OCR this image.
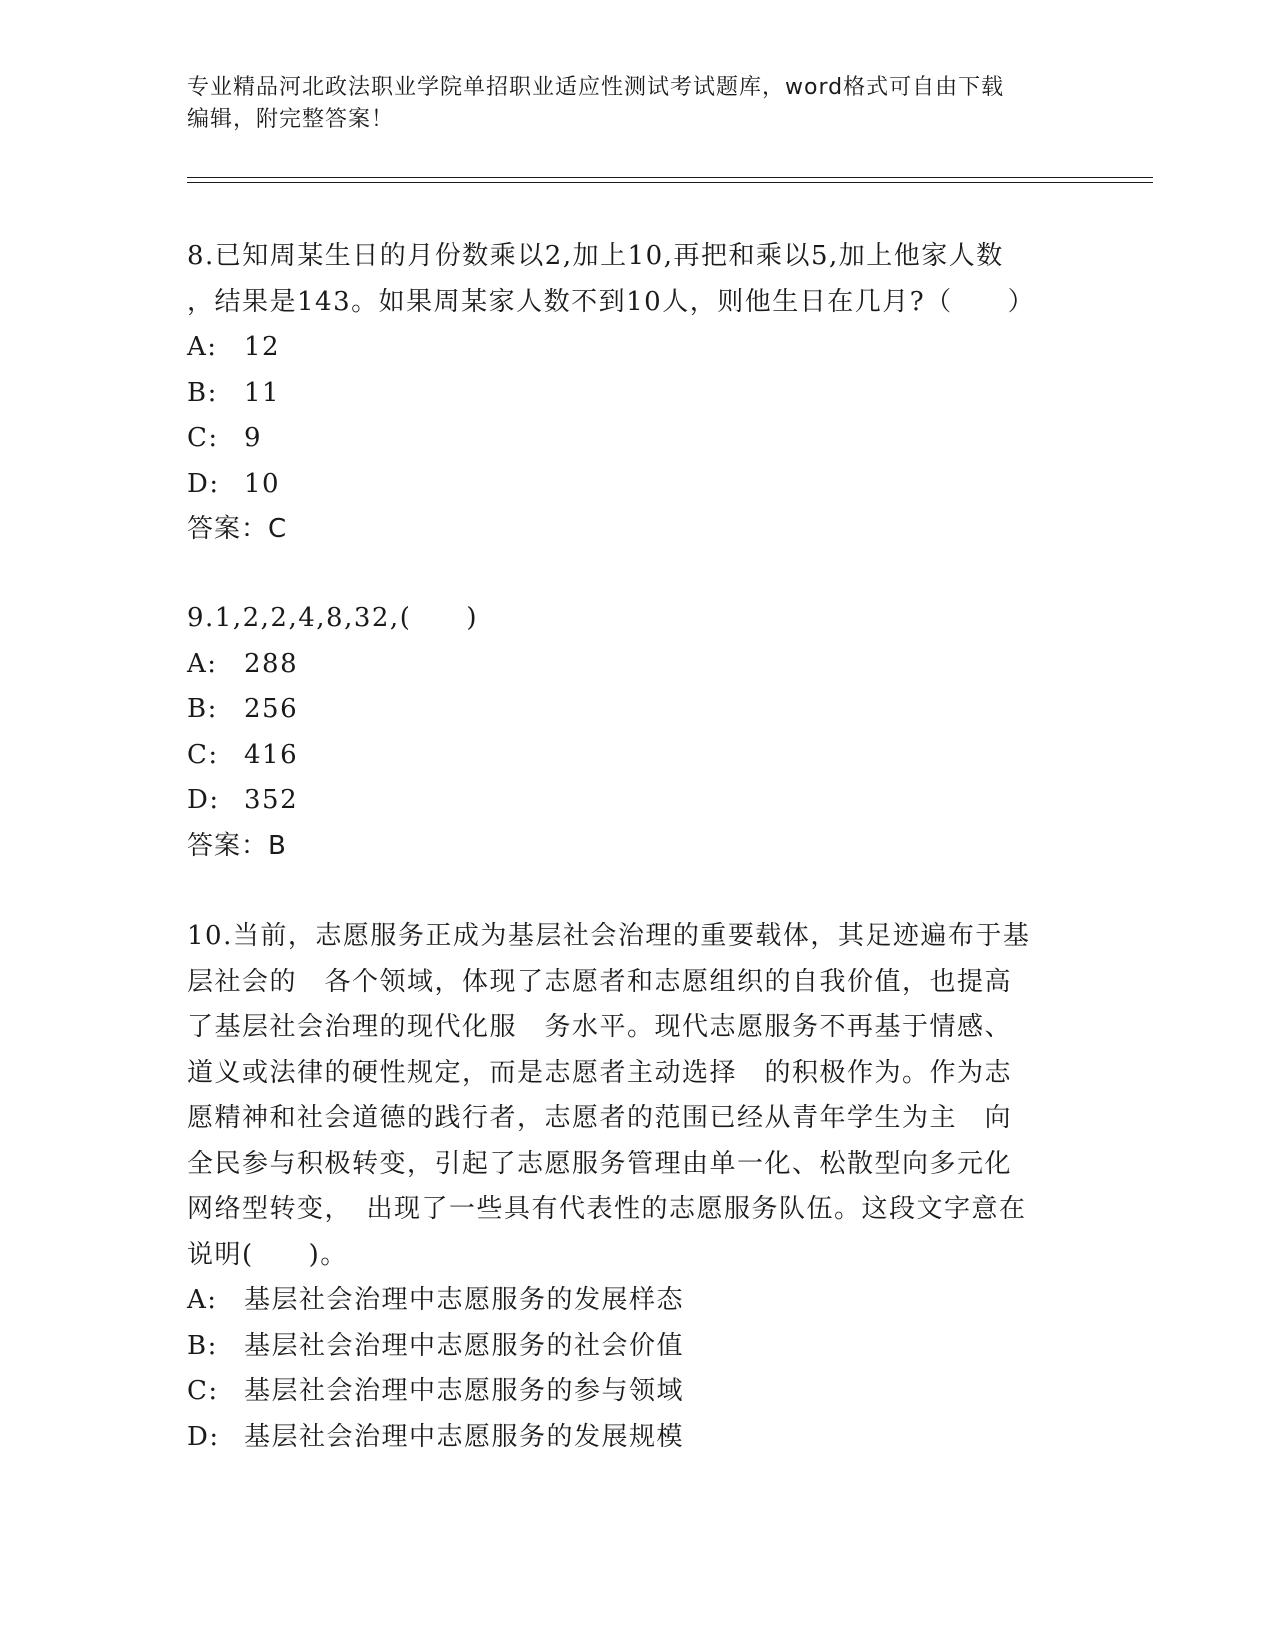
专业精品河北政法职业学院单招职业适应性测试考试题库，word格式可自由下载
编辑，附完整答案！
8.已知周某生日的月份数乘以2,加上10,再把和乘以5,加上他家人数
，结果是143。如果周某家人数不到10人，则他生日在几月?（　　）
A: 12
B: 11
C: 9
D: 10
答案：C
9.1,2,2,4,8,32,(　　)
A: 288
B: 256
C: 416
D: 352
答案：B
10.当前，志愿服务正成为基层社会治理的重要载体，其足迹遍布于基
层社会的　各个领域，体现了志愿者和志愿组织的自我价值，也提高
了基层社会治理的现代化服　务水平。现代志愿服务不再基于情感、
道义或法律的硬性规定，而是志愿者主动选择　的积极作为。作为志
愿精神和社会道德的践行者，志愿者的范围已经从青年学生为主　向
全民参与积极转变，引起了志愿服务管理由单一化、松散型向多元化
网络型转变，　出现了一些具有代表性的志愿服务队伍。这段文字意在
说明(　　)。
A: 基层社会治理中志愿服务的发展样态
B: 基层社会治理中志愿服务的社会价值
C: 基层社会治理中志愿服务的参与领域
D: 基层社会治理中志愿服务的发展规模
